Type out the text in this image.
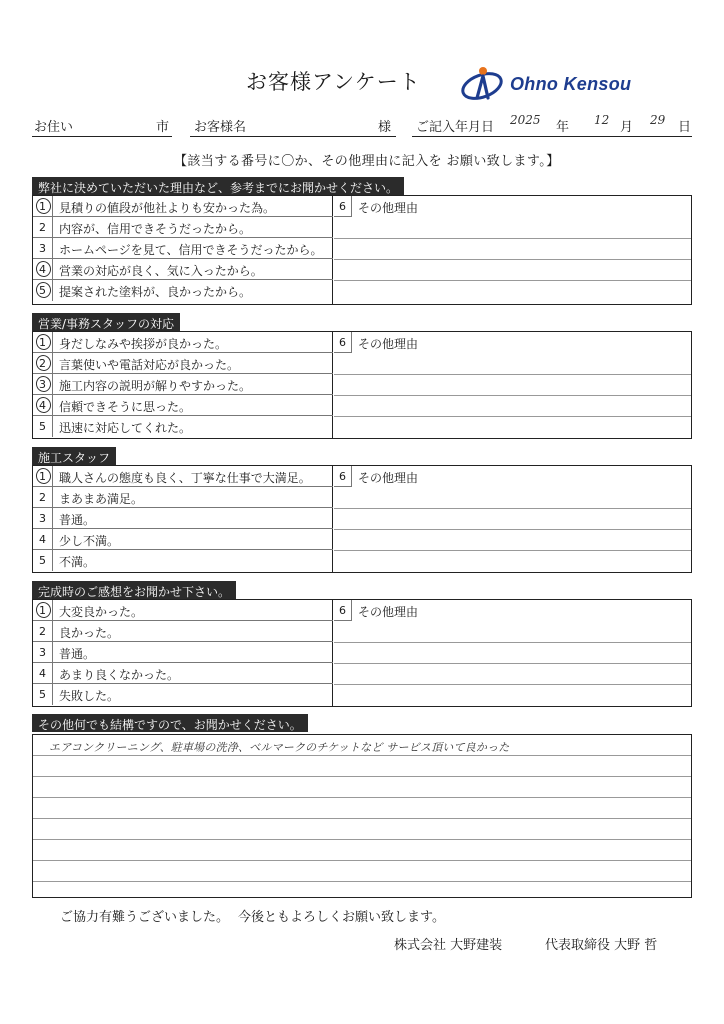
お客様アンケート	Ohno Kensou
お住い	市 お客様名	様 ご記入年月日 2025 年 12 月 29 日
【該当する番号に〇か、その他理由に記入を お願い致します。】
弊社に決めていただいた理由など、参考までにお聞かせください。
1	見積りの値段が他社よりも安かった為。
2	内容が、信用できそうだったから。
3	ホームページを見て、信用できそうだったから。
4	営業の対応が良く、気に入ったから。
5	提案された塗料が、良かったから。
6	その他理由
営業/事務スタッフの対応
1	身だしなみや挨拶が良かった。
2	言葉使いや電話対応が良かった。
3	施工内容の説明が解りやすかった。
4	信頼できそうに思った。
5	迅速に対応してくれた。
6	その他理由
施工スタッフ
1	職人さんの態度も良く、丁寧な仕事で大満足。
2	まあまあ満足。
3	普通。
4	少し不満。
5	不満。
6	その他理由
完成時のご感想をお聞かせ下さい。
1	大変良かった。
2	良かった。
3	普通。
4	あまり良くなかった。
5	失敗した。
6	その他理由
その他何でも結構ですので、お聞かせください。
エアコンクリーニング、駐車場の洗浄、ベルマークのチケットなど サービス頂いて良かった
ご協力有難うございました。 今後ともよろしくお願い致します。
株式会社 大野建装	代表取締役 大野 哲
